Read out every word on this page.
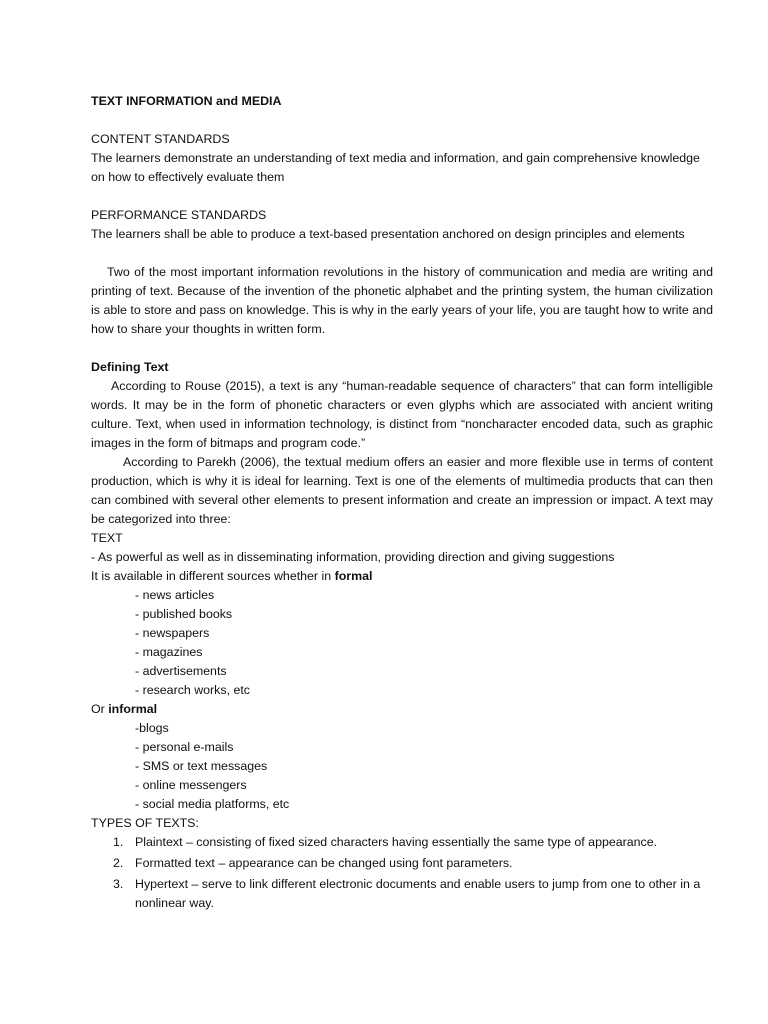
TEXT INFORMATION and MEDIA

CONTENT STANDARDS

The learners demonstrate an understanding of text media and information, and gain comprehensive knowledge on how to effectively evaluate them

PERFORMANCE STANDARDS

The learners shall be able to produce a text-based presentation anchored on design principles and elements

Two of the most important information revolutions in the history of communication and media are writing and printing of text. Because of the invention of the phonetic alphabet and the printing system, the human civilization is able to store and pass on knowledge. This is why in the early years of your life, you are taught how to write and how to share your thoughts in written form.

Defining Text

According to Rouse (2015), a text is any “human-readable sequence of characters” that can form intelligible words. It may be in the form of phonetic characters or even glyphs which are associated with ancient writing culture. Text, when used in information technology, is distinct from “noncharacter encoded data, such as graphic images in the form of bitmaps and program code.”

According to Parekh (2006), the textual medium offers an easier and more flexible use in terms of content production, which is why it is ideal for learning. Text is one of the elements of multimedia products that can then can combined with several other elements to present information and create an impression or impact. A text may be categorized into three:

TEXT

- As powerful as well as in disseminating information, providing direction and giving suggestions

It is available in different sources whether in formal

- news articles

- published books

- newspapers

- magazines

- advertisements

- research works, etc

Or informal

-blogs

- personal e-mails

- SMS or text messages

- online messengers

- social media platforms, etc

TYPES OF TEXTS:

1. Plaintext – consisting of fixed sized characters having essentially the same type of appearance.
2. Formatted text – appearance can be changed using font parameters.
3. Hypertext – serve to link different electronic documents and enable users to jump from one to other in a nonlinear way.
